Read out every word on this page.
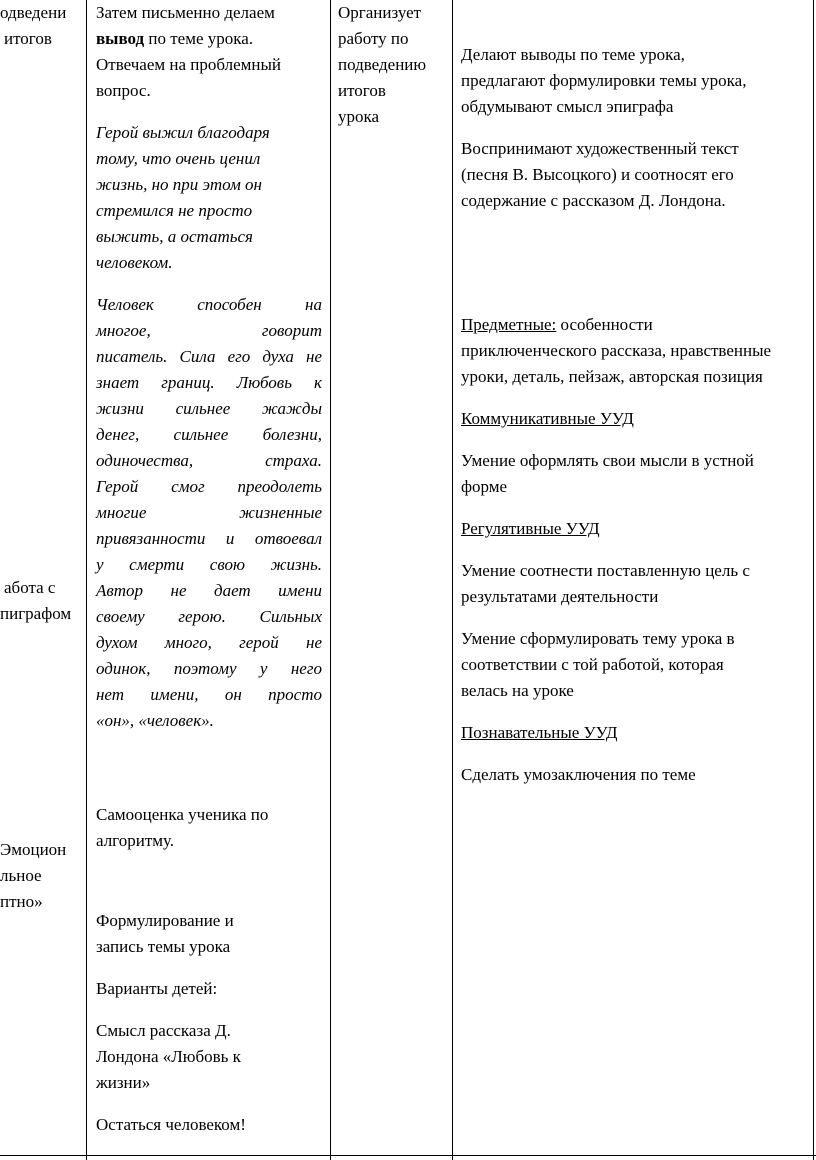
одведени
итогов
абота с
пиграфом
Эмоцион
льное
птно»

Затем письменно делаем

вывод по теме урока.

Отвечаем на проблемный

вопрос.

Герой выжил благодаря

тому, что очень ценил

жизнь, но при этом он

стремился не просто

выжить, а остаться

человеком.

Человек способен на

многое, говорит

писатель. Сила его духа не

знает границ. Любовь к

жизни сильнее жажды

денег, сильнее болезни,

одиночества, страха.

Герой смог преодолеть

многие жизненные

привязанности и отвоевал

у смерти свою жизнь.

Автор не дает имени

своему герою. Сильных

духом много, герой не

одинок, поэтому у него

нет имени, он просто

«он», «человек».

Самооценка ученика по

алгоритму.

Формулирование и

запись темы урока

Варианты детей:

Смысл рассказа Д.

Лондона «Любовь к

жизни»

Остаться человеком!

Организует

работу по

подведению

итогов

урока

Делают выводы по теме урока,

предлагают формулировки темы урока,

обдумывают смысл эпиграфа

Воспринимают художественный текст

(песня В. Высоцкого) и соотносят его

содержание с рассказом Д. Лондона.

Предметные: особенности

приключенческого рассказа, нравственные

уроки, деталь, пейзаж, авторская позиция

Коммуникативные УУД

Умение оформлять свои мысли в устной

форме

Регулятивные УУД

Умение соотнести поставленную цель с

результатами деятельности

Умение сформулировать тему урока в

соответствии с той работой, которая

велась на уроке

Познавательные УУД

Сделать умозаключения по теме
